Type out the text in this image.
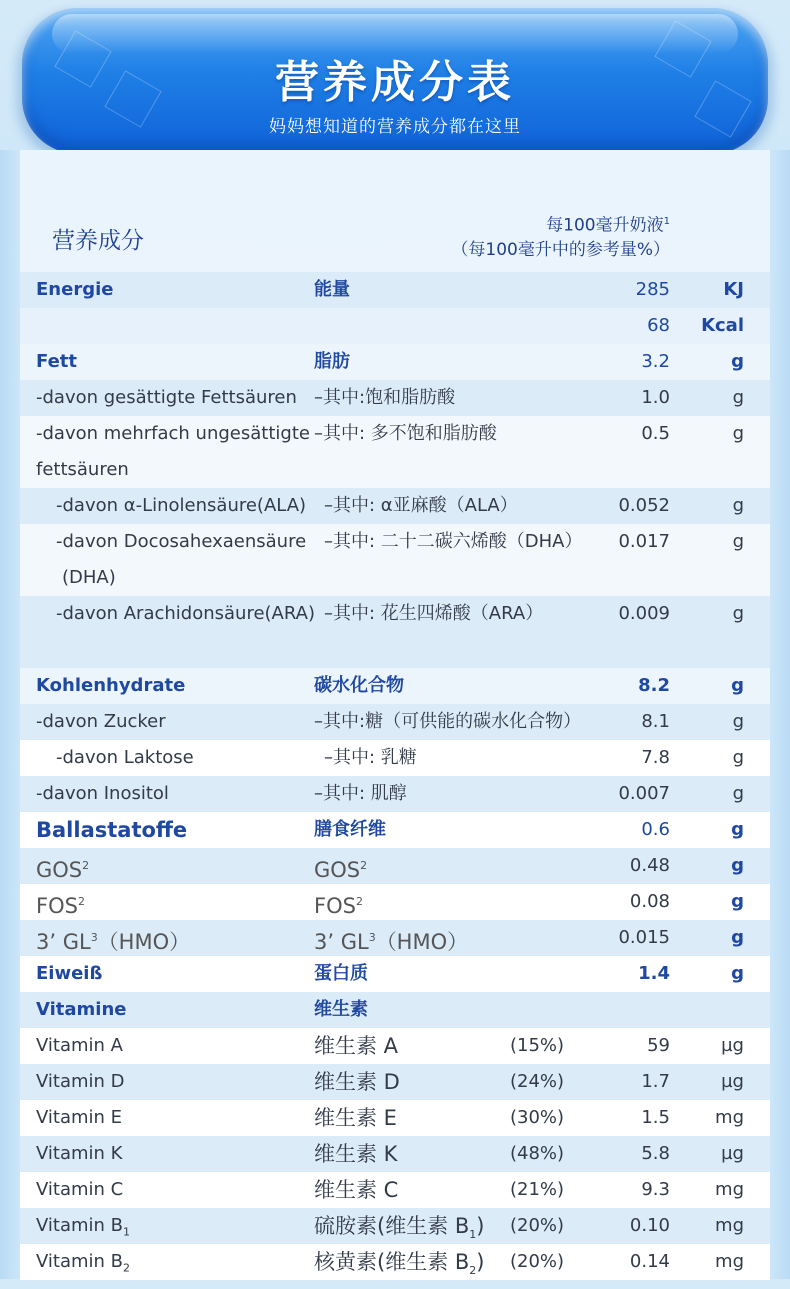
营养成分表
妈妈想知道的营养成分都在这里
营养成分
每100毫升奶液$^1$
（每100毫升中的参考量%）
Energie	能量	285	KJ
68 Kcal
Fett	脂肪	3.2	g
-davon gesättigte Fettsäuren –其中:饱和脂肪酸	1.0	g
-davon mehrfach ungesättigte
fettsäuren
–其中: 多不饱和脂肪酸	0.5	g
-davon α-Linolensäure(ALA) –其中: α亚麻酸（ALA）	0.052	g
-davon Docosahexaensäure
(DHA)
–其中: 二十二碳六烯酸（DHA） 0.017	g
-davon Arachidonsäure(ARA) –其中: 花生四烯酸（ARA）	0.009	g
Kohlenhydrate	碳水化合物	8.2	g
-davon Zucker	–其中:糖（可供能的碳水化合物）	8.1	g
-davon Laktose	–其中: 乳糖	7.8	g
-davon Inositol	–其中: 肌醇	0.007	g
Ballastatoffe	膳食纤维	0.6	g
GOS$^2$	GOS$^2$	0.48	g
FOS$^2$	FOS$^2$	0.08	g
3’ $GL^3(HMO)$	3’ $GL^3(HMO)$	0.015	g
Eiweiß	蛋白质	1.4	g
Vitamine	维生素
Vitamin A	维生素 A	(15%)	59	µg
Vitamin D	维生素 D	(24%)	1.7	µg
Vitamin E	维生素 E	(30%)	1.5	mg
Vitamin K	维生素 K	(48%)	5.8	µg
Vitamin C	维生素 C	(21%)	9.3	mg
Vitamin $B_1$	硫胺素(维生素 $B_1$) (20%)	0.10	mg
Vitamin $B_2$	核黄素(维生素 $B_2$) (20%)	0.14	mg
